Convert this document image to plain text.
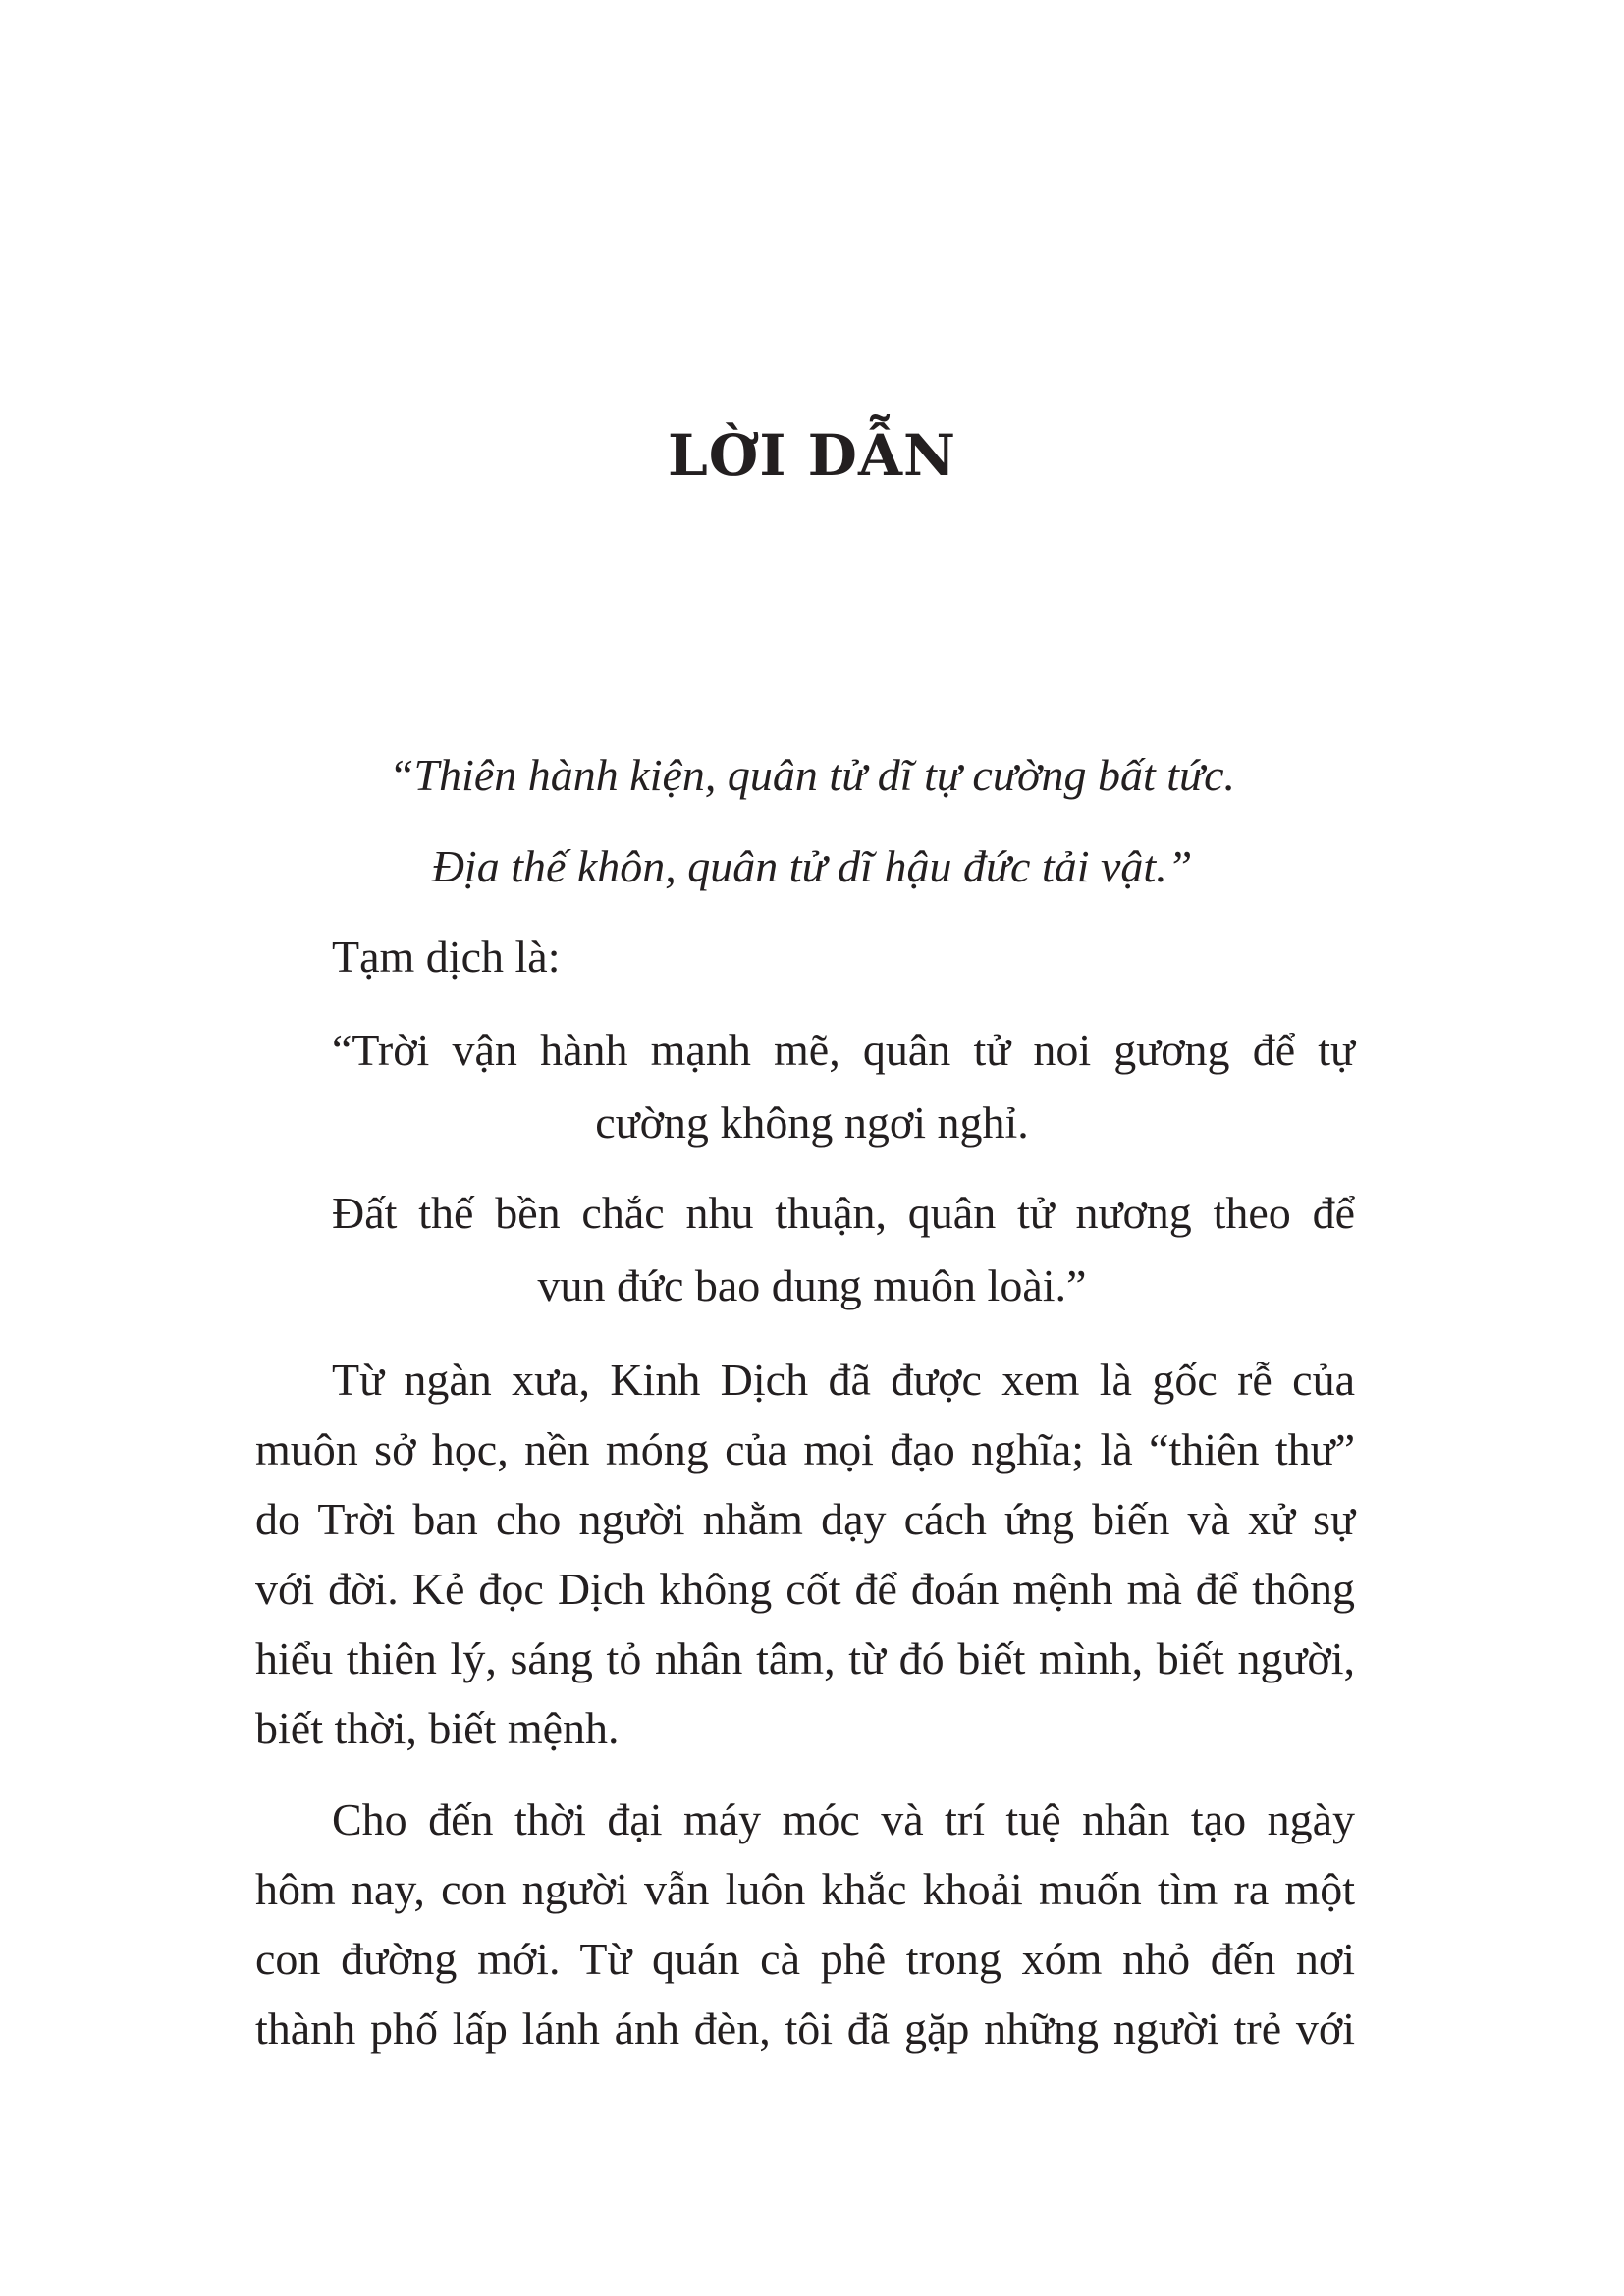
LỜI DẪN
“Thiên hành kiện, quân tử dĩ tự cường bất tức.
Địa thế khôn, quân tử dĩ hậu đức tải vật.”
Tạm dịch là:
“Trời vận hành mạnh mẽ, quân tử noi gương để tự
cường không ngơi nghỉ.
Đất thế bền chắc nhu thuận, quân tử nương theo để
vun đức bao dung muôn loài.”
Từ ngàn xưa, Kinh Dịch đã được xem là gốc rễ của
muôn sở học, nền móng của mọi đạo nghĩa; là “thiên thư”
do Trời ban cho người nhằm dạy cách ứng biến và xử sự
với đời. Kẻ đọc Dịch không cốt để đoán mệnh mà để thông
hiểu thiên lý, sáng tỏ nhân tâm, từ đó biết mình, biết người,
biết thời, biết mệnh.
Cho đến thời đại máy móc và trí tuệ nhân tạo ngày
hôm nay, con người vẫn luôn khắc khoải muốn tìm ra một
con đường mới. Từ quán cà phê trong xóm nhỏ đến nơi
thành phố lấp lánh ánh đèn, tôi đã gặp những người trẻ với
